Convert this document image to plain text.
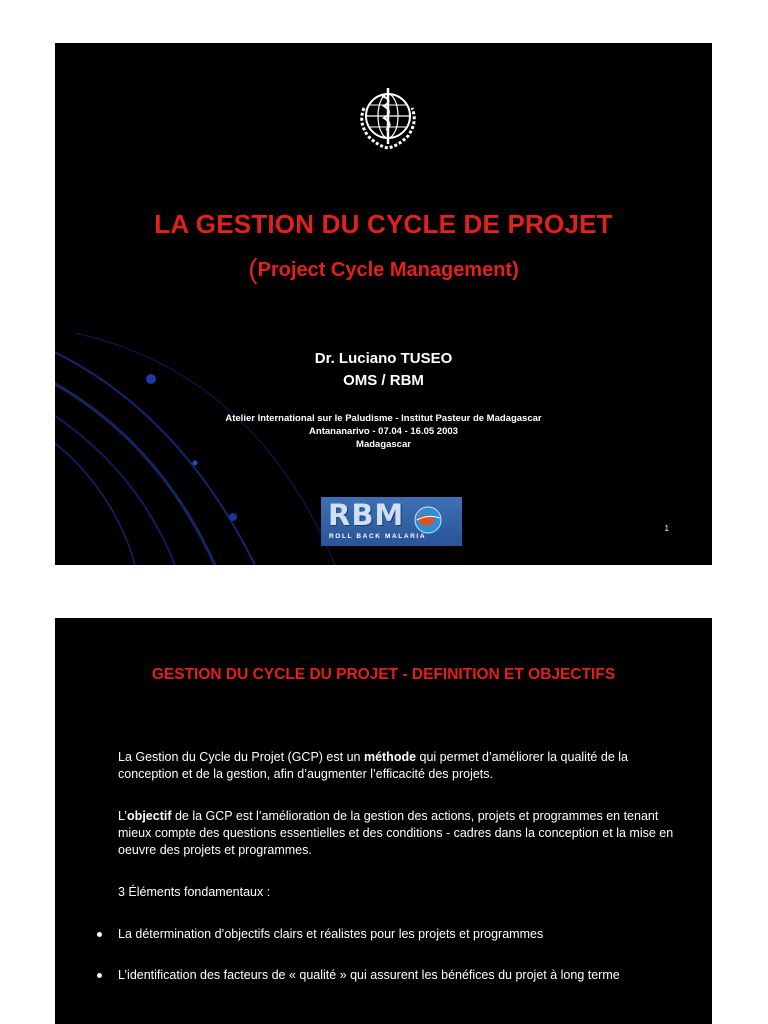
LA GESTION DU CYCLE DE PROJET
(Project Cycle Management)
Dr. Luciano TUSEO
OMS / RBM
Atelier International sur le Paludisme - Institut Pasteur de Madagascar
Antananarivo - 07.04 - 16.05 2003
Madagascar
RBM
ROLL BACK MALARIA
1
GESTION DU CYCLE DU PROJET - DEFINITION ET OBJECTIFS

La Gestion du Cycle du Projet (GCP) est un méthode qui permet d’améliorer la qualité de la conception et de la gestion, afin d’augmenter l’efficacité des projets.

L’objectif de la GCP est l’amélioration de la gestion des actions, projets et programmes en tenant mieux compte des questions essentielles et des conditions - cadres dans la conception et la mise en oeuvre des projets et programmes.

3 Éléments fondamentaux :

La détermination d’objectifs clairs et réalistes pour les projets et programmes

L’identification des facteurs de « qualité » qui assurent les bénéfices du projet à long terme
